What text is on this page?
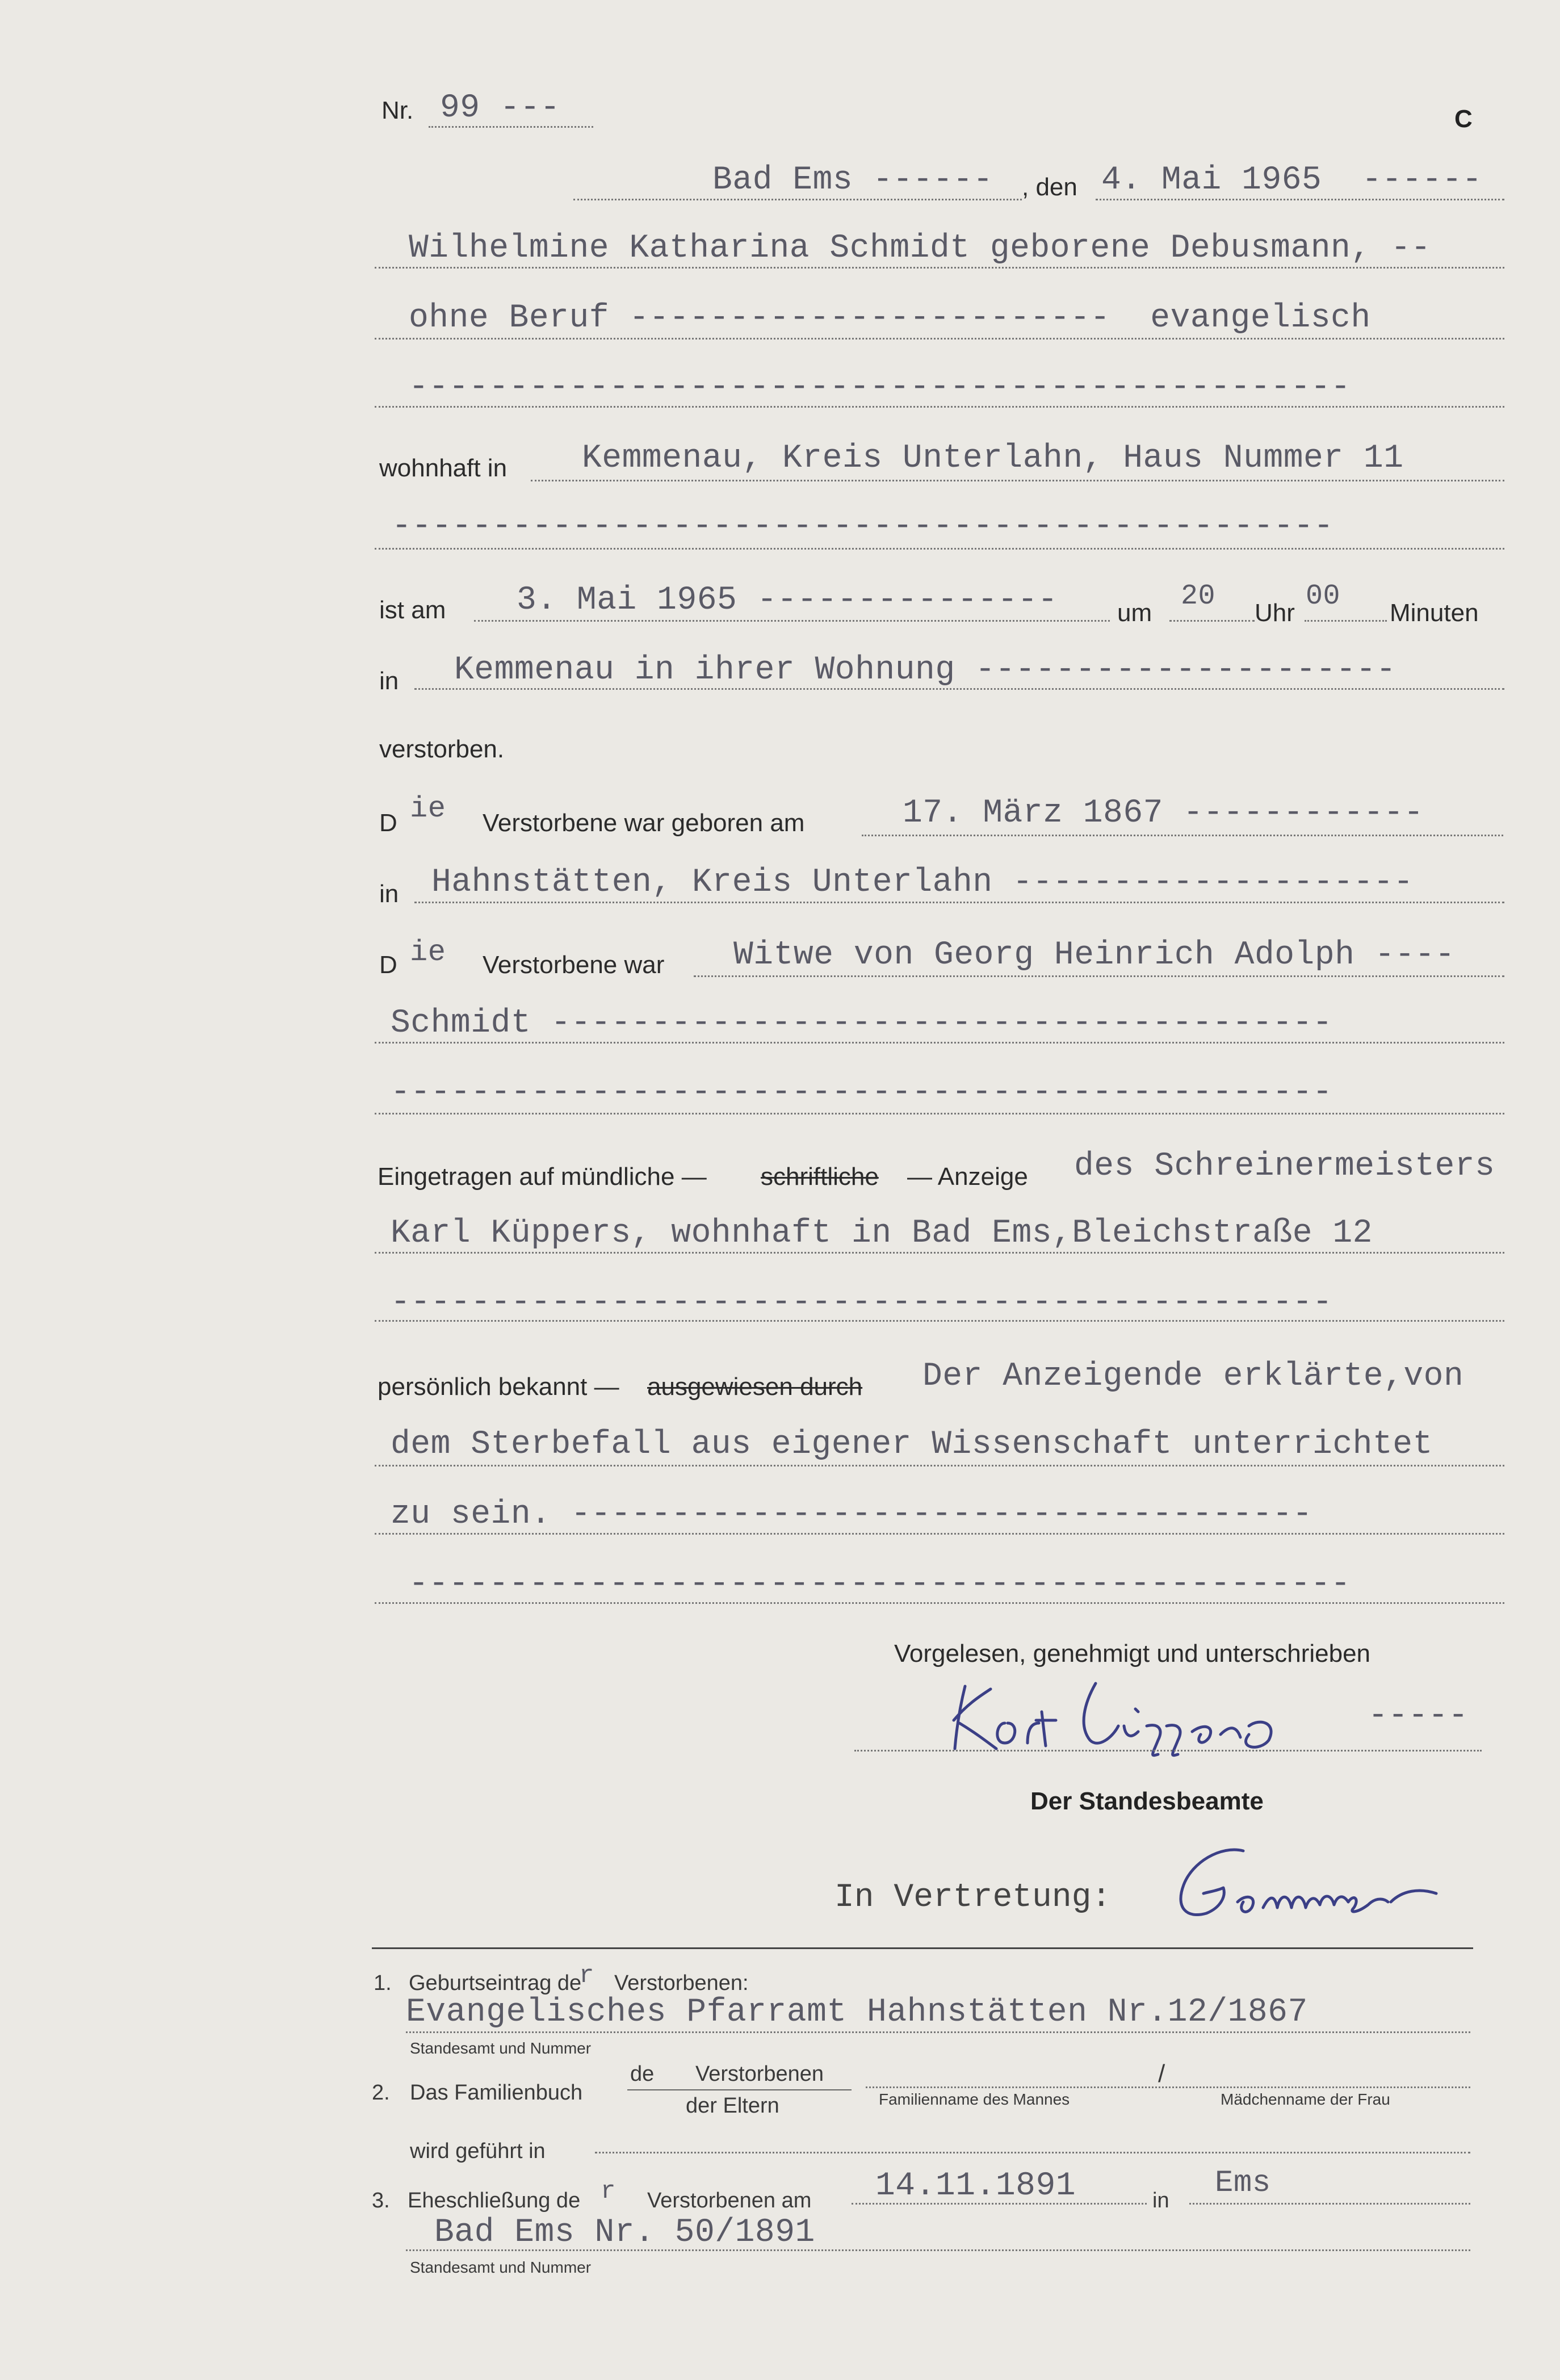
Nr. 99 ---	C
Bad Ems ------ , den 4. Mai 1965  ------
Wilhelmine Katharina Schmidt geborene Debusmann, --
ohne Beruf ------------------------  evangelisch
-----------------------------------------------
wohnhaft in Kemmenau, Kreis Unterlahn, Haus Nummer 11
-----------------------------------------------
ist am 3. Mai 1965 --------------- um
20
Uhr
00
Minuten
in Kemmenau in ihrer Wohnung ---------------------
verstorben.
D ie Verstorbene war geboren am	17. März 1867 ------------
in Hahnstätten, Kreis Unterlahn --------------------
D ie Verstorbene war Witwe von Georg Heinrich Adolph ----
Schmidt ---------------------------------------
-----------------------------------------------
Eingetragen auf mündliche — schriftliche — Anzeige des Schreinermeisters
Karl Küppers, wohnhaft in Bad Ems,Bleichstraße 12
-----------------------------------------------
persönlich bekannt — ausgewiesen durch Der Anzeigende erklärte,von
dem Sterbefall aus eigener Wissenschaft unterrichtet
zu sein. -------------------------------------
-----------------------------------------------
Vorgelesen, genehmigt und unterschrieben
-----
Der Standesbeamte
In Vertretung:
1. Geburtseintrag de
r Verstorbenen:
Evangelisches Pfarramt Hahnstätten Nr.12/1867
Standesamt und Nummer
2. Das Familienbuch
de Verstorbenen
der Eltern
/
Familienname des Mannes	Mädchenname der Frau
wird geführt in
3. Eheschließung de r Verstorbenen am 14.11.1891	in Ems
Bad Ems Nr. 50/1891
Standesamt und Nummer
